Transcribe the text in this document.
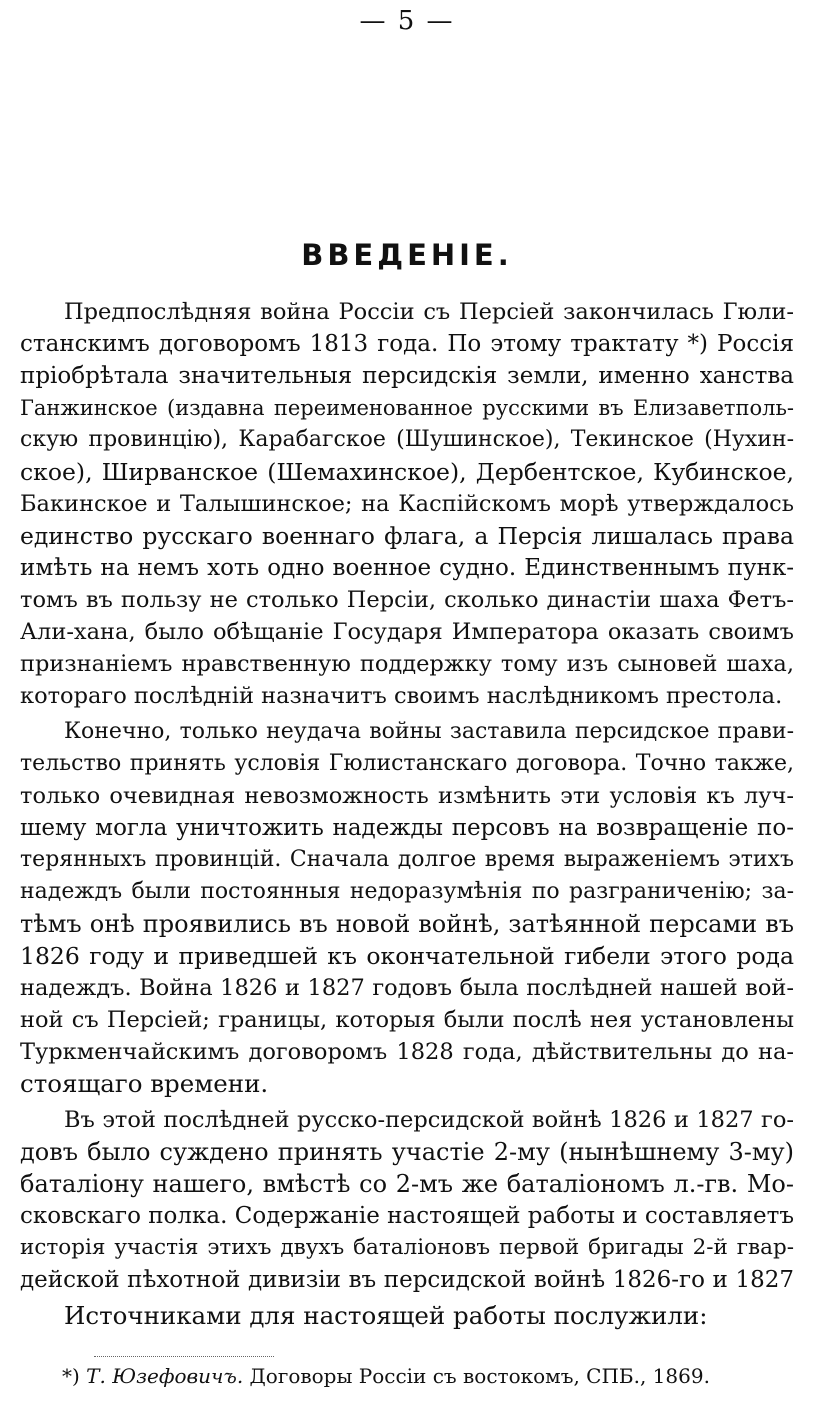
— 5 —
ВВЕДЕНІЕ.
Предпослѣдняя война Россіи съ Персіей закончилась Гюли-
станскимъ договоромъ 1813 года. По этому трактату *) Россія
пріобрѣтала значительныя персидскія земли, именно ханства
Ганжинское (издавна переименованное русскими въ Елизаветполь-
скую провинцію), Карабагское (Шушинское), Текинское (Нухин-
ское), Ширванское (Шемахинское), Дербентское, Кубинское,
Бакинское и Талышинское; на Каспійскомъ морѣ утверждалось
единство русскаго военнаго флага, а Персія лишалась права
имѣть на немъ хоть одно военное судно. Единственнымъ пунк-
томъ въ пользу не столько Персіи, сколько династіи шаха Фетъ-
Али-хана, было обѣщаніе Государя Императора оказать своимъ
признаніемъ нравственную поддержку тому изъ сыновей шаха,
котораго послѣдній назначитъ своимъ наслѣдникомъ престола.
Конечно, только неудача войны заставила персидское прави-
тельство принять условія Гюлистанскаго договора. Точно также,
только очевидная невозможность измѣнить эти условія къ луч-
шему могла уничтожить надежды персовъ на возвращеніе по-
терянныхъ провинцій. Сначала долгое время выраженіемъ этихъ
надеждъ были постоянныя недоразумѣнія по разграниченію; за-
тѣмъ онѣ проявились въ новой войнѣ, затѣянной персами въ
1826 году и приведшей къ окончательной гибели этого рода
надеждъ. Война 1826 и 1827 годовъ была послѣдней нашей вой-
ной съ Персіей; границы, которыя были послѣ нея установлены
Туркменчайскимъ договоромъ 1828 года, дѣйствительны до на-
стоящаго времени.
Въ этой послѣдней русско-персидской войнѣ 1826 и 1827 го-
довъ было суждено принять участіе 2-му (нынѣшнему 3-му)
баталіону нашего, вмѣстѣ со 2-мъ же баталіономъ л.-гв. Мо-
сковскаго полка. Содержаніе настоящей работы и составляетъ
исторія участія этихъ двухъ баталіоновъ первой бригады 2-й гвар-
дейской пѣхотной дивизіи въ персидской войнѣ 1826-го и 1827
Источниками для настоящей работы послужили:
*) Т. Юзефовичъ. Договоры Россіи съ востокомъ, СПБ., 1869.
